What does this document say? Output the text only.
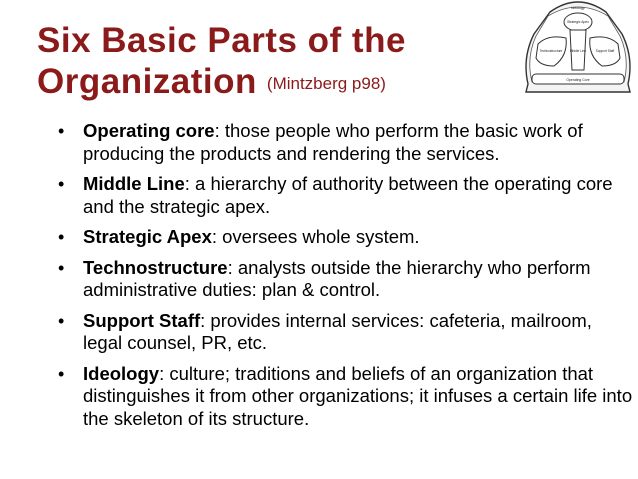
Six Basic Parts of the
Organization (Mintzberg p98)
Ideology
Strategic Apex
Technostructure Middle Line	Support Staff
Operating Core
• Operating core: those people who perform the basic work of producing the products and rendering the services.
• Middle Line: a hierarchy of authority between the operating core and the strategic apex.
• Strategic Apex: oversees whole system.
• Technostructure: analysts outside the hierarchy who perform administrative duties: plan & control.
• Support Staff: provides internal services: cafeteria, mailroom, legal counsel, PR, etc.
• Ideology: culture; traditions and beliefs of an organization that distinguishes it from other organizations; it infuses a certain life into the skeleton of its structure.
